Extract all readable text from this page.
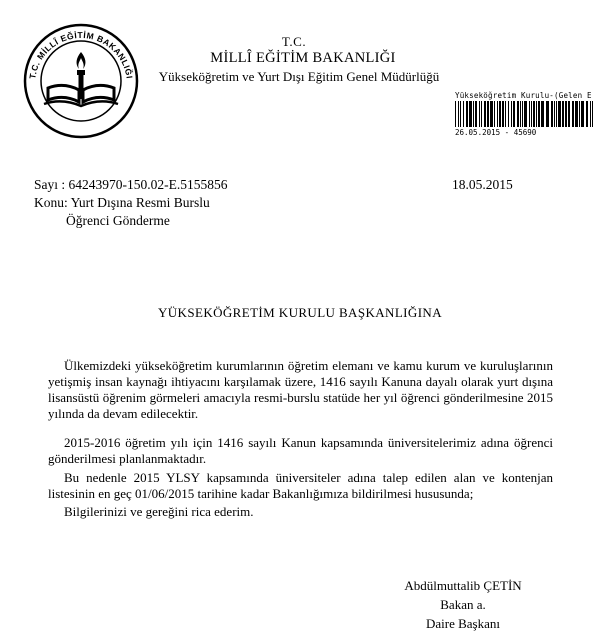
T.C. MİLLÎ EĞİTİM BAKANLIĞI
T.C.
MİLLÎ EĞİTİM BAKANLIĞI
Yükseköğretim ve Yurt Dışı Eğitim Genel Müdürlüğü
Yükseköğretim Kurulu-(Gelen E
26.05.2015 - 45690
Sayı : 64243970-150.02-E.5155856	18.05.2015
Konu: Yurt Dışına Resmi Burslu
Öğrenci Gönderme
YÜKSEKÖĞRETİM KURULU BAŞKANLIĞINA
Ülkemizdeki yükseköğretim kurumlarının öğretim elemanı ve kamu kurum ve kuruluşlarının yetişmiş insan kaynağı ihtiyacını karşılamak üzere, 1416 sayılı Kanuna dayalı olarak yurt dışına lisansüstü öğrenim görmeleri amacıyla resmi-burslu statüde her yıl öğrenci gönderilmesine 2015 yılında da devam edilecektir.
2015-2016 öğretim yılı için 1416 sayılı Kanun kapsamında üniversitelerimiz adına öğrenci gönderilmesi planlanmaktadır.
Bu nedenle 2015 YLSY kapsamında üniversiteler adına talep edilen alan ve kontenjan listesinin en geç 01/06/2015 tarihine kadar Bakanlığımıza bildirilmesi hususunda;
Bilgilerinizi ve gereğini rica ederim.
Abdülmuttalib ÇETİN
Bakan a.
Daire Başkanı
